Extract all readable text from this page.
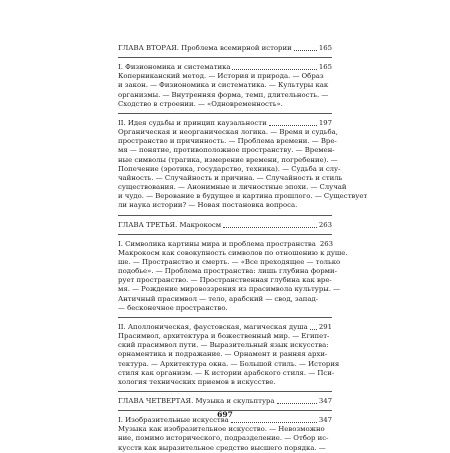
ГЛАВА ВТОРАЯ. Проблема всемирной истории	165
I. Физиономика и систематика	165
Коперниканский метод. — История и природа. — Образ
и закон. — Физиономика и систематика. — Культуры как
организмы. — Внутренняя форма, темп, длительность. —
Сходство в строении. — «Одновременность».
II. Идея судьбы и принцип каузальности	197
Органическая и неорганическая логика. — Время и судьба,
пространство и причинность. — Проблема времени. — Вре-
мя — понятие, противоположное пространству. — Времен-
ные символы (трагика, измерение времени, погребение). —
Попечение (эротика, государство, техника). — Судьба и слу-
чайность. — Случайность и причина. — Случайность и стиль
существования. — Анонимные и личностные эпохи. — Случай
и чудо. — Верование в будущее и картина прошлого. — Существует
ли наука истории? — Новая постановка вопроса.
ГЛАВА ТРЕТЬЯ. Макрокосм	263
I. Символика картины мира и проблема пространства 263
Макрокосм как совокупность символов по отношению к душе.
ше. — Пространство и смерть. — «Все преходящее — только
подобье». — Проблема пространства: лишь глубина форми-
рует пространство. — Пространственная глубина как вре-
мя. — Рождение мировоззрения из прасимвола культуры. —
Античный прасимвол — тело, арабский — свод, запад-
— бесконечное пространство.
II. Аполлоническая, фаустовская, магическая душа 291
Прасимвол, архитектура и божественный мир. — Египет-
ский прасимвол пути. — Выразительный язык искусства:
орнаментика и подражание. — Орнамент и ранняя архи-
тектура. — Архитектура окна. — Большой стиль. — История
стиля как организм. — К истории арабского стиля. — Пси-
хология технических приемов в искусстве.
ГЛАВА ЧЕТВЕРТАЯ. Музыка и скульптура	347
I. Изобразительные искусства	347
Музыка как изобразительное искусство. — Невозможно
ние, помимо исторического, подразделение. — Отбор ис-
кусств как выразительное средство высшего порядка. —
697
